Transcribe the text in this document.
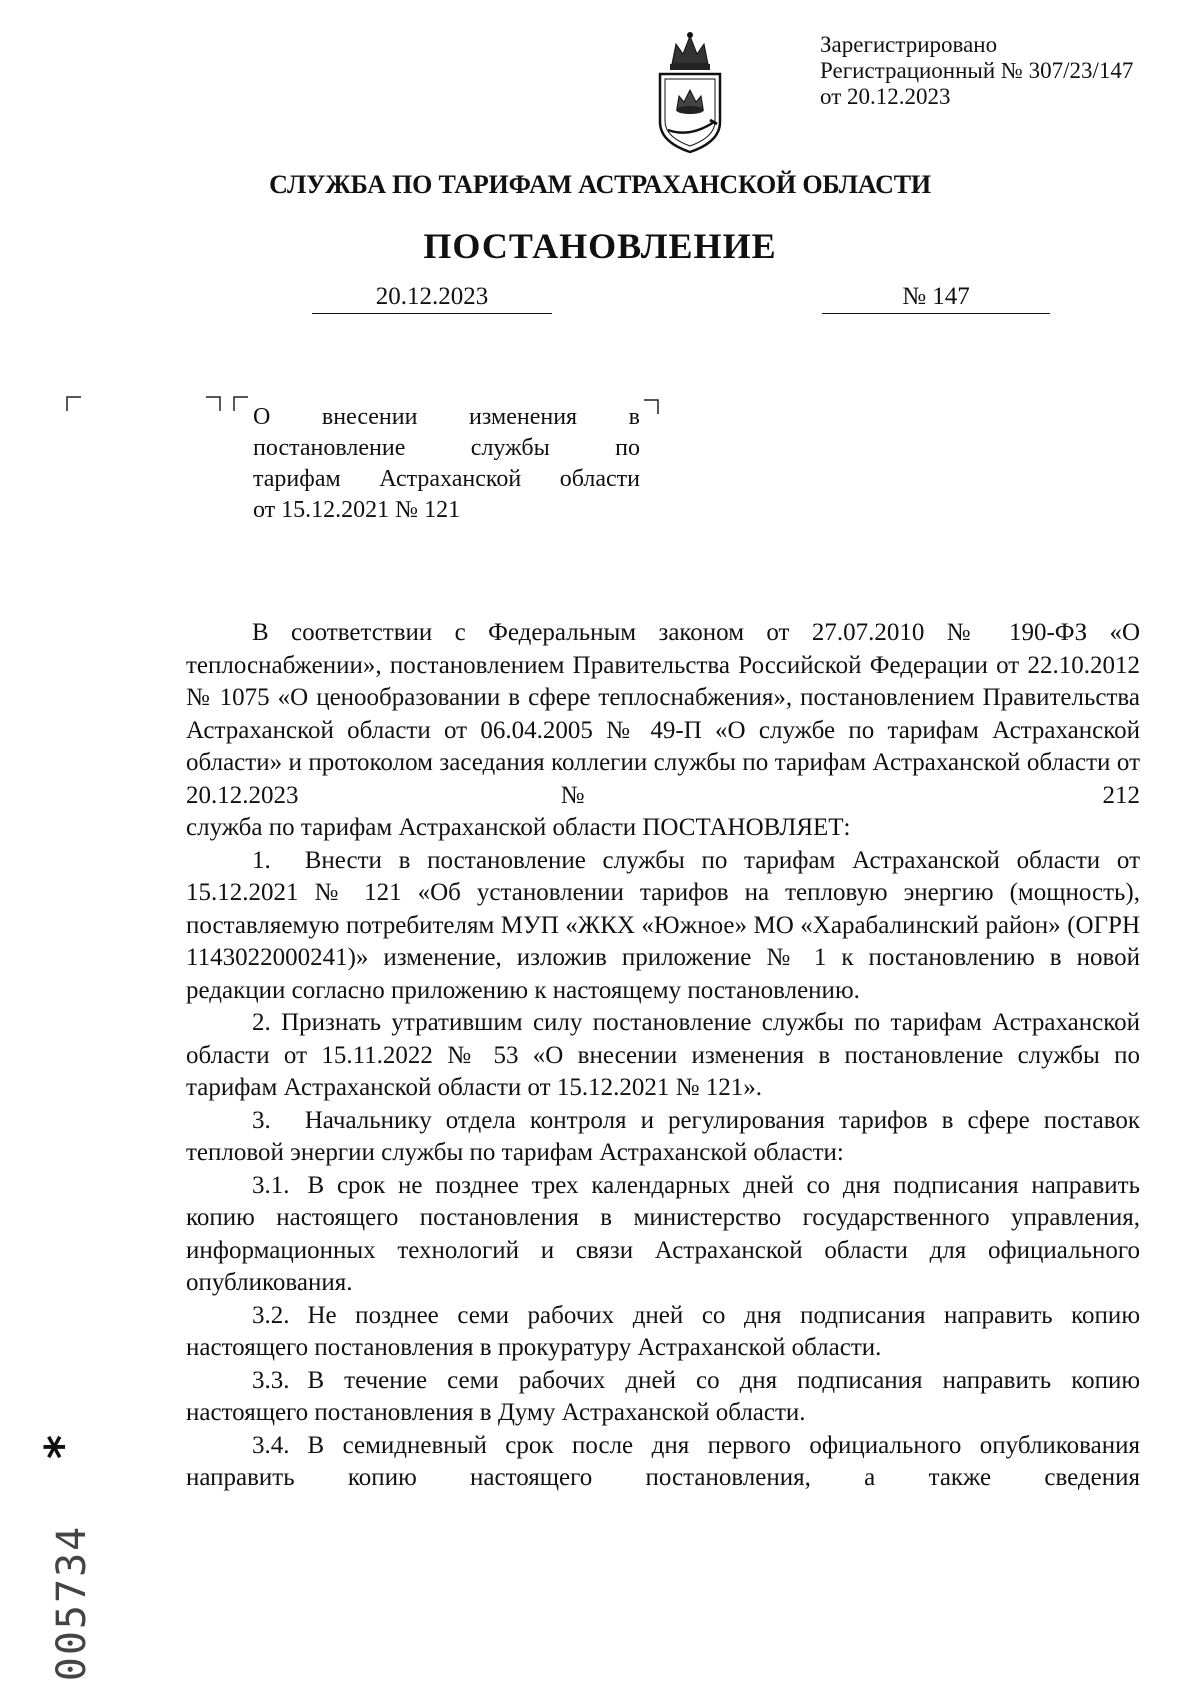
Зарегистрировано
Регистрационный № 307/23/147
от 20.12.2023
СЛУЖБА ПО ТАРИФАМ АСТРАХАНСКОЙ ОБЛАСТИ
ПОСТАНОВЛЕНИЕ
20.12.2023	№ 147
О внесении изменения в
постановление службы по
тарифам Астраханской области
от 15.12.2021 № 121

В соответствии с Федеральным законом от 27.07.2010 № 190-ФЗ «О теплоснабжении», постановлением Правительства Российской Федерации от 22.10.2012 № 1075 «О ценообразовании в сфере теплоснабжения», постановлением Правительства Астраханской области от 06.04.2005 № 49-П «О службе по тарифам Астраханской области» и протоколом заседания коллегии службы по тарифам Астраханской области от 20.12.2023 № 212

служба по тарифам Астраханской области ПОСТАНОВЛЯЕТ:

1. Внести в постановление службы по тарифам Астраханской области от 15.12.2021 № 121 «Об установлении тарифов на тепловую энергию (мощность), поставляемую потребителям МУП «ЖКХ «Южное» МО «Харабалинский район» (ОГРН 1143022000241)» изменение, изложив приложение № 1 к постановлению в новой редакции согласно приложению к настоящему постановлению.

2. Признать утратившим силу постановление службы по тарифам Астраханской области от 15.11.2022 № 53 «О внесении изменения в постановление службы по тарифам Астраханской области от 15.12.2021 № 121».

3. Начальнику отдела контроля и регулирования тарифов в сфере поставок тепловой энергии службы по тарифам Астраханской области:

3.1. В срок не позднее трех календарных дней со дня подписания направить копию настоящего постановления в министерство государственного управления, информационных технологий и связи Астраханской области для официального опубликования.

3.2. Не позднее семи рабочих дней со дня подписания направить копию настоящего постановления в прокуратуру Астраханской области.

3.3. В течение семи рабочих дней со дня подписания направить копию настоящего постановления в Думу Астраханской области.

3.4. В семидневный срок после дня первого официального опубликования направить копию настоящего постановления, а также сведения

*
005734
